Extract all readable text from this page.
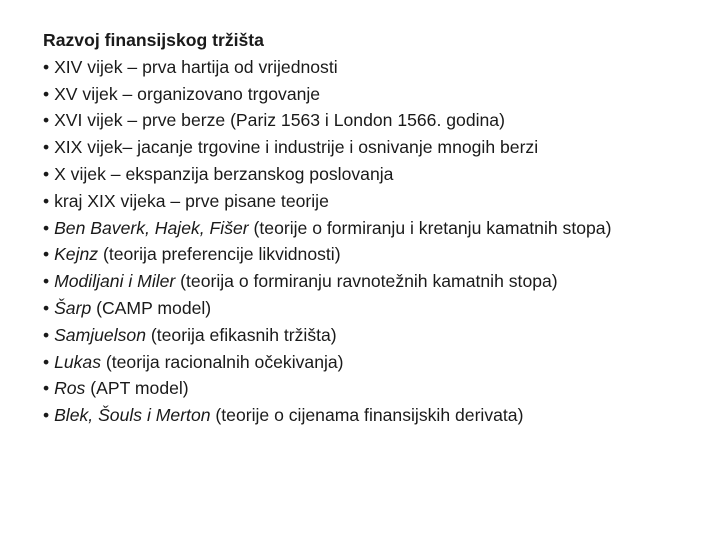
Razvoj finansijskog tržišta

• XIV vijek – prva hartija od vrijednosti

• XV vijek – organizovano trgovanje

• XVI vijek – prve berze (Pariz 1563 i London 1566. godina)

• XIX vijek– jacanje trgovine i industrije i osnivanje mnogih berzi

• X vijek – ekspanzija berzanskog poslovanja

• kraj XIX vijeka – prve pisane teorije

• Ben Baverk, Hajek, Fišer (teorije o formiranju i kretanju kamatnih stopa)

• Kejnz (teorija preferencije likvidnosti)

• Modiljani i Miler (teorija o formiranju ravnotežnih kamatnih stopa)

• Šarp (CAMP model)

• Samjuelson (teorija efikasnih tržišta)

• Lukas (teorija racionalnih očekivanja)

• Ros (APT model)

• Blek, Šouls i Merton (teorije o cijenama finansijskih derivata)
